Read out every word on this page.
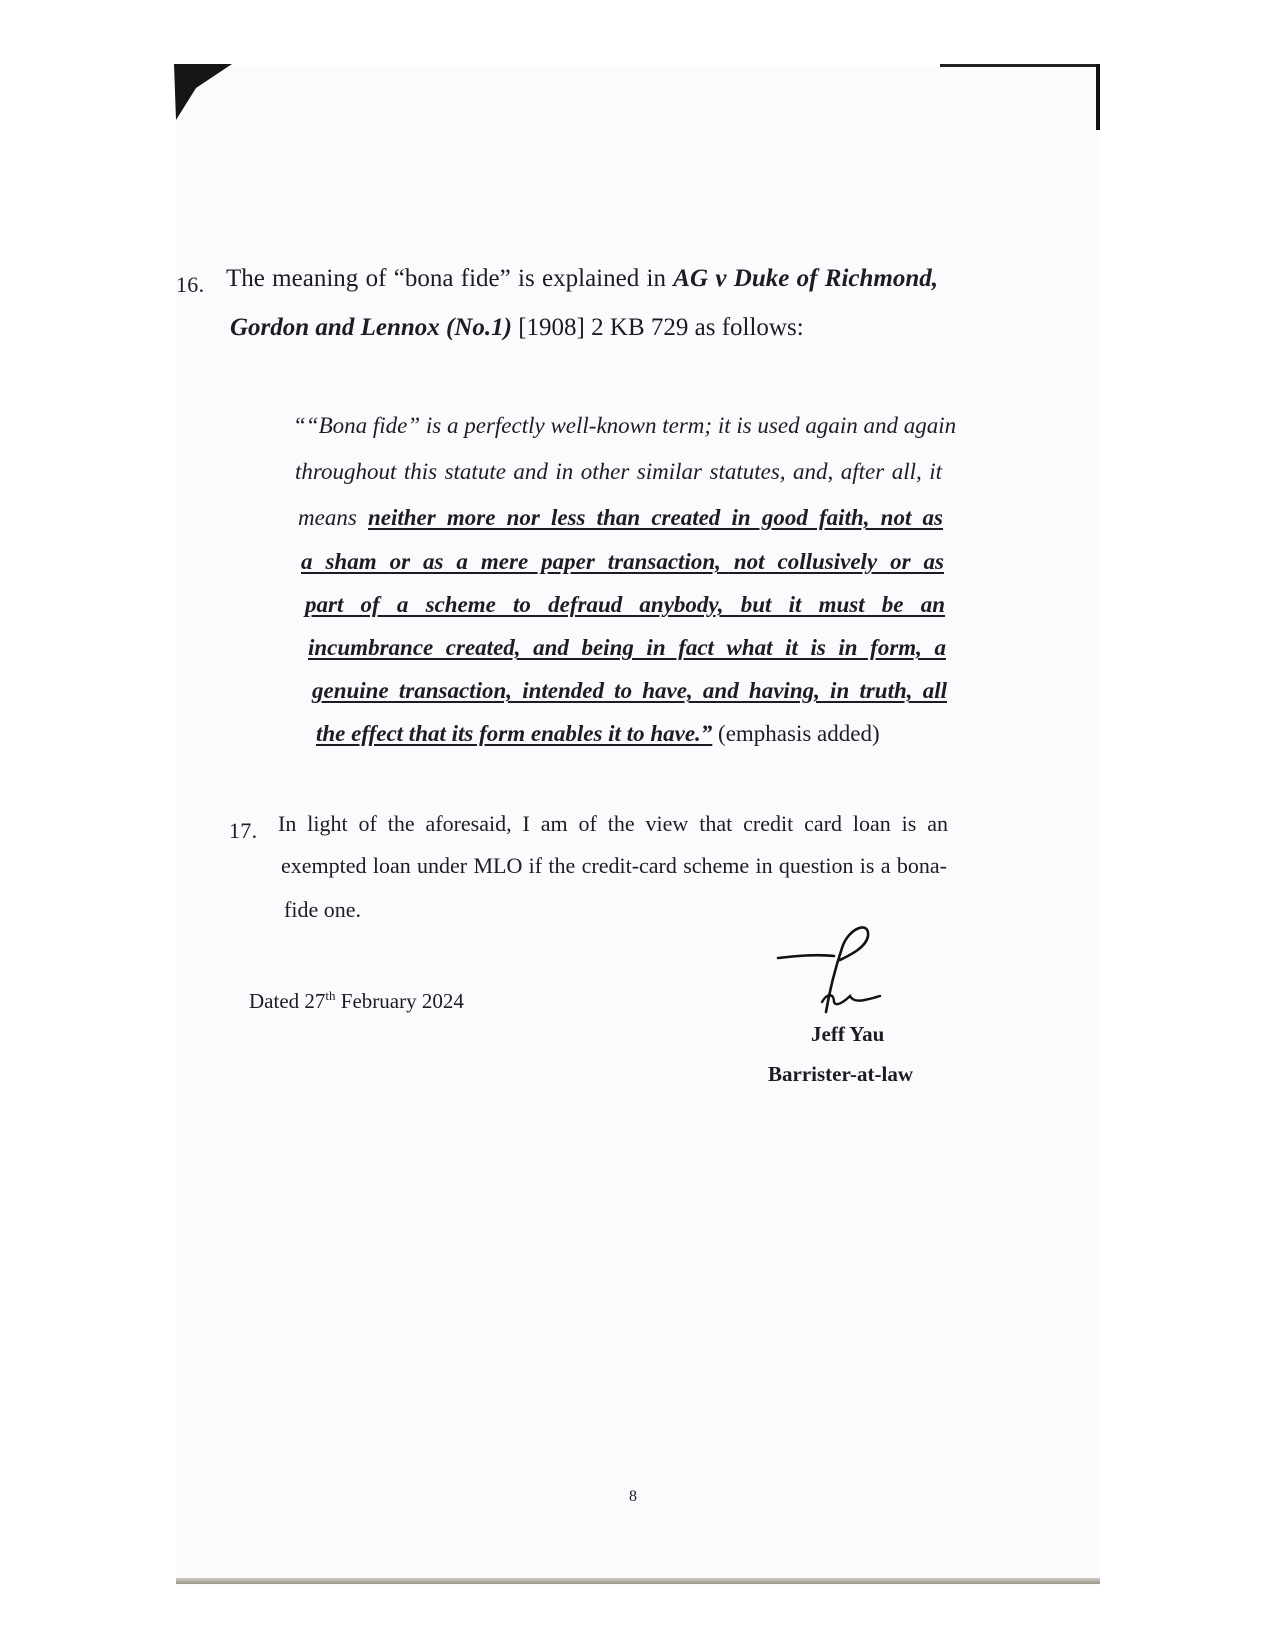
16. The meaning of “bona fide” is explained in AG v Duke of Richmond,
Gordon and Lennox (No.1) [1908] 2 KB 729 as follows:
““Bona fide” is a perfectly well-known term; it is used again and again
throughout this statute and in other similar statutes, and, after all, it
means neither more nor less than created in good faith, not as
a sham or as a mere paper transaction, not collusively or as
part of a scheme to defraud anybody, but it must be an
incumbrance created, and being in fact what it is in form, a
genuine transaction, intended to have, and having, in truth, all
the effect that its form enables it to have.” (emphasis added)
17. In light of the aforesaid, I am of the view that credit card loan is an
exempted loan under MLO if the credit-card scheme in question is a bona-
fide one.
Dated 27th February 2024
Jeff Yau
Barrister-at-law
8
